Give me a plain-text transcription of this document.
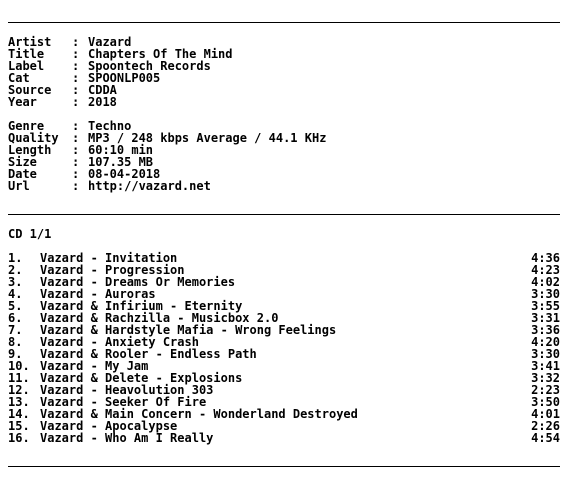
Artist	: Vazard
Title	: Chapters Of The Mind
Label	: Spoontech Records
Cat	: SPOONLP005
Source	: CDDA
Year	: 2018
Genre	: Techno
Quality	: MP3 / 248 kbps Average / 44.1 KHz
Length	: 60:10 min
Size	: 107.35 MB
Date	: 08-04-2018
Url	: http://vazard.net
CD 1/1
1.	Vazard - Invitation	4:36
2.	Vazard - Progression	4:23
3.	Vazard - Dreams Or Memories	4:02
4.	Vazard - Auroras	3:30
5.	Vazard & Infirium - Eternity	3:55
6.	Vazard & Rachzilla - Musicbox 2.0	3:31
7.	Vazard & Hardstyle Mafia - Wrong Feelings	3:36
8.	Vazard - Anxiety Crash	4:20
9.	Vazard & Rooler - Endless Path	3:30
10. Vazard - My Jam	3:41
11. Vazard & Delete - Explosions	3:32
12. Vazard - Heavolution 303	2:23
13. Vazard - Seeker Of Fire	3:50
14. Vazard & Main Concern - Wonderland Destroyed	4:01
15. Vazard - Apocalypse	2:26
16. Vazard - Who Am I Really	4:54
